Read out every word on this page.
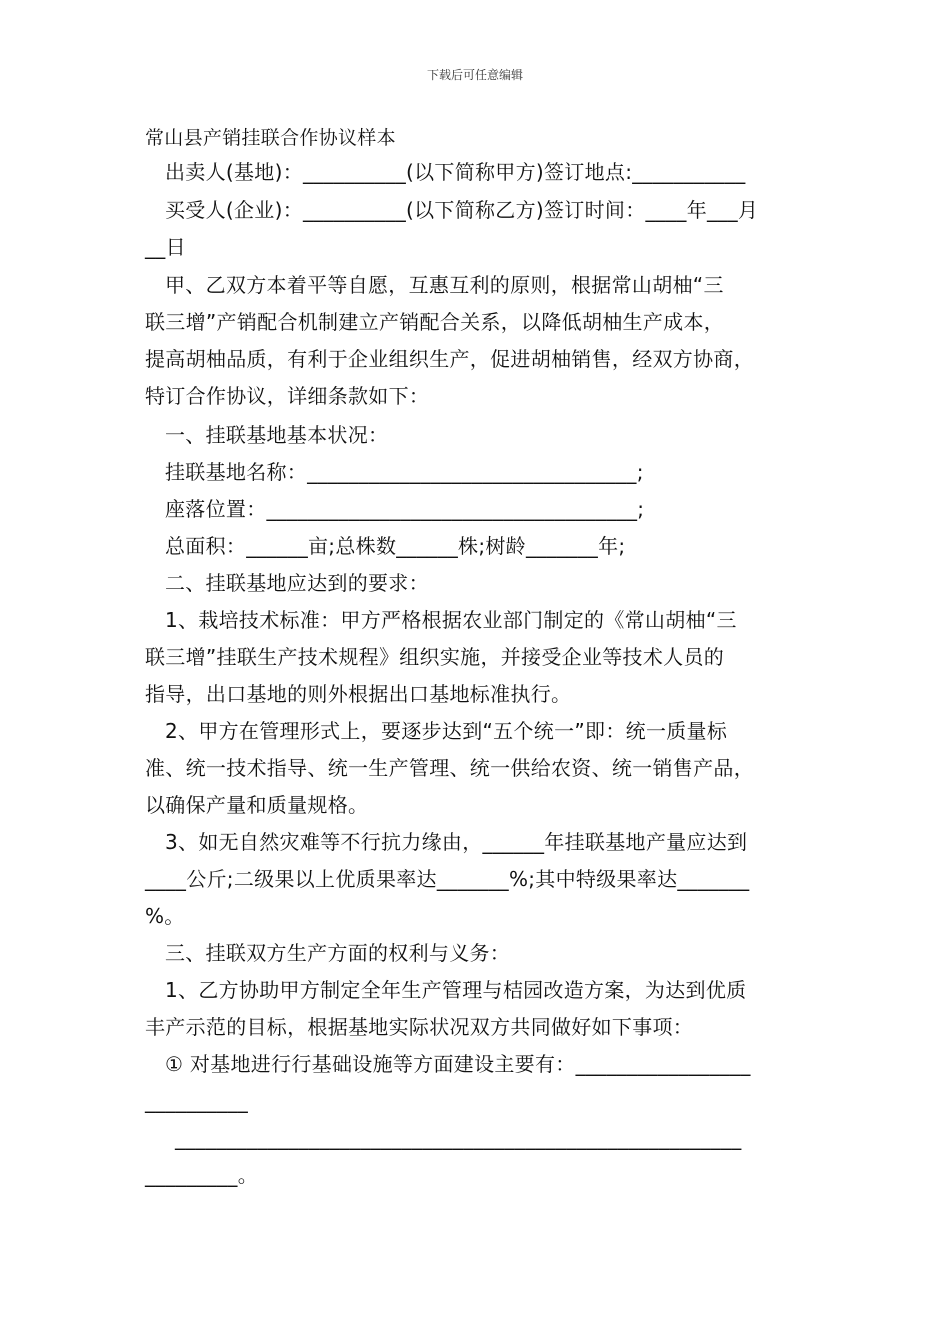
下载后可任意编辑
常山县产销挂联合作协议样本
出卖人(基地)：__________(以下简称甲方)签订地点:___________
买受人(企业)：__________(以下简称乙方)签订时间：____年___月
__日
甲、乙双方本着平等自愿，互惠互利的原则，根据常山胡柚“三
联三增”产销配合机制建立产销配合关系，以降低胡柚生产成本，
提高胡柚品质，有利于企业组织生产，促进胡柚销售，经双方协商，
特订合作协议，详细条款如下：
一、挂联基地基本状况：
挂联基地名称：________________________________;
座落位置：____________________________________;
总面积：______亩;总株数______株;树龄_______年;
二、挂联基地应达到的要求：
1、栽培技术标准：甲方严格根据农业部门制定的《常山胡柚“三
联三增”挂联生产技术规程》组织实施，并接受企业等技术人员的
指导，出口基地的则外根据出口基地标准执行。
2、甲方在管理形式上，要逐步达到“五个统一”即：统一质量标
准、统一技术指导、统一生产管理、统一供给农资、统一销售产品，
以确保产量和质量规格。
3、如无自然灾难等不行抗力缘由，______年挂联基地产量应达到
____公斤;二级果以上优质果率达_______%;其中特级果率达_______
%。
三、挂联双方生产方面的权利与义务：
1、乙方协助甲方制定全年生产管理与桔园改造方案，为达到优质
丰产示范的目标，根据基地实际状况双方共同做好如下事项：
① 对基地进行行基础设施等方面建设主要有：_________________
__________
_______________________________________________________
_________。
